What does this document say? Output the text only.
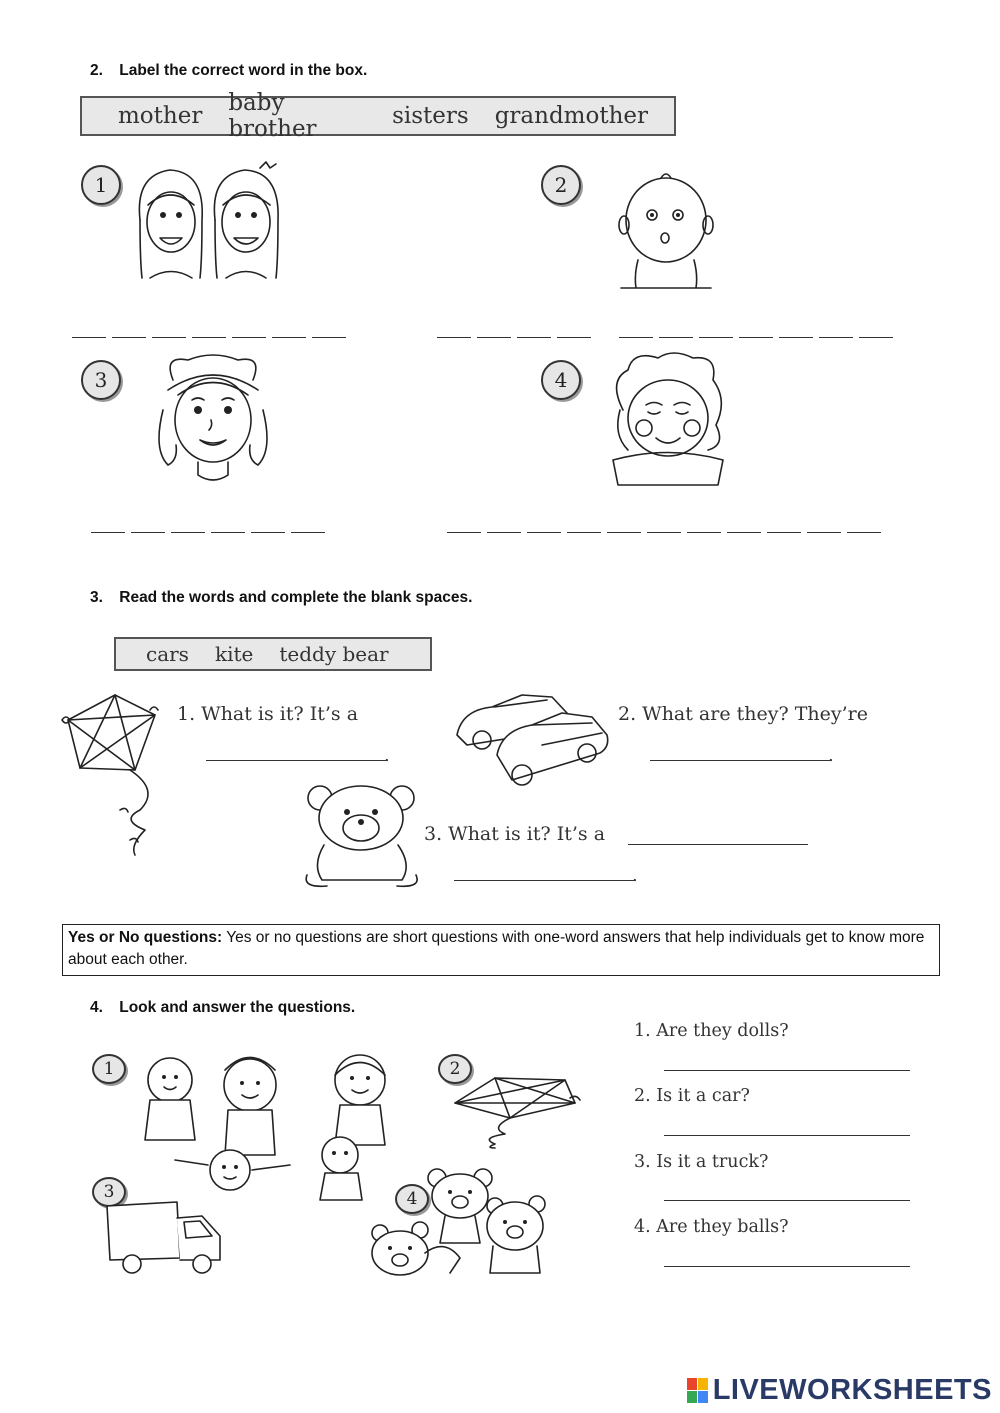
2. Label the correct word in the box.
mother baby brother	sisters grandmother
1	2
3	4
3. Read the words and complete the blank spaces.
cars kite teddy bear
1. What is it? It’s a
.
2. What are they? They’re
.
3. What is it? It’s a
.
Yes or No questions: Yes or no questions are short questions with one-word answers that help individuals get to know more about each other.
4. Look and answer the questions.
1	2
3	4
1. Are they dolls?
2. Is it a car?
3. Is it a truck?
4. Are they balls?
LIVEWORKSHEETS
